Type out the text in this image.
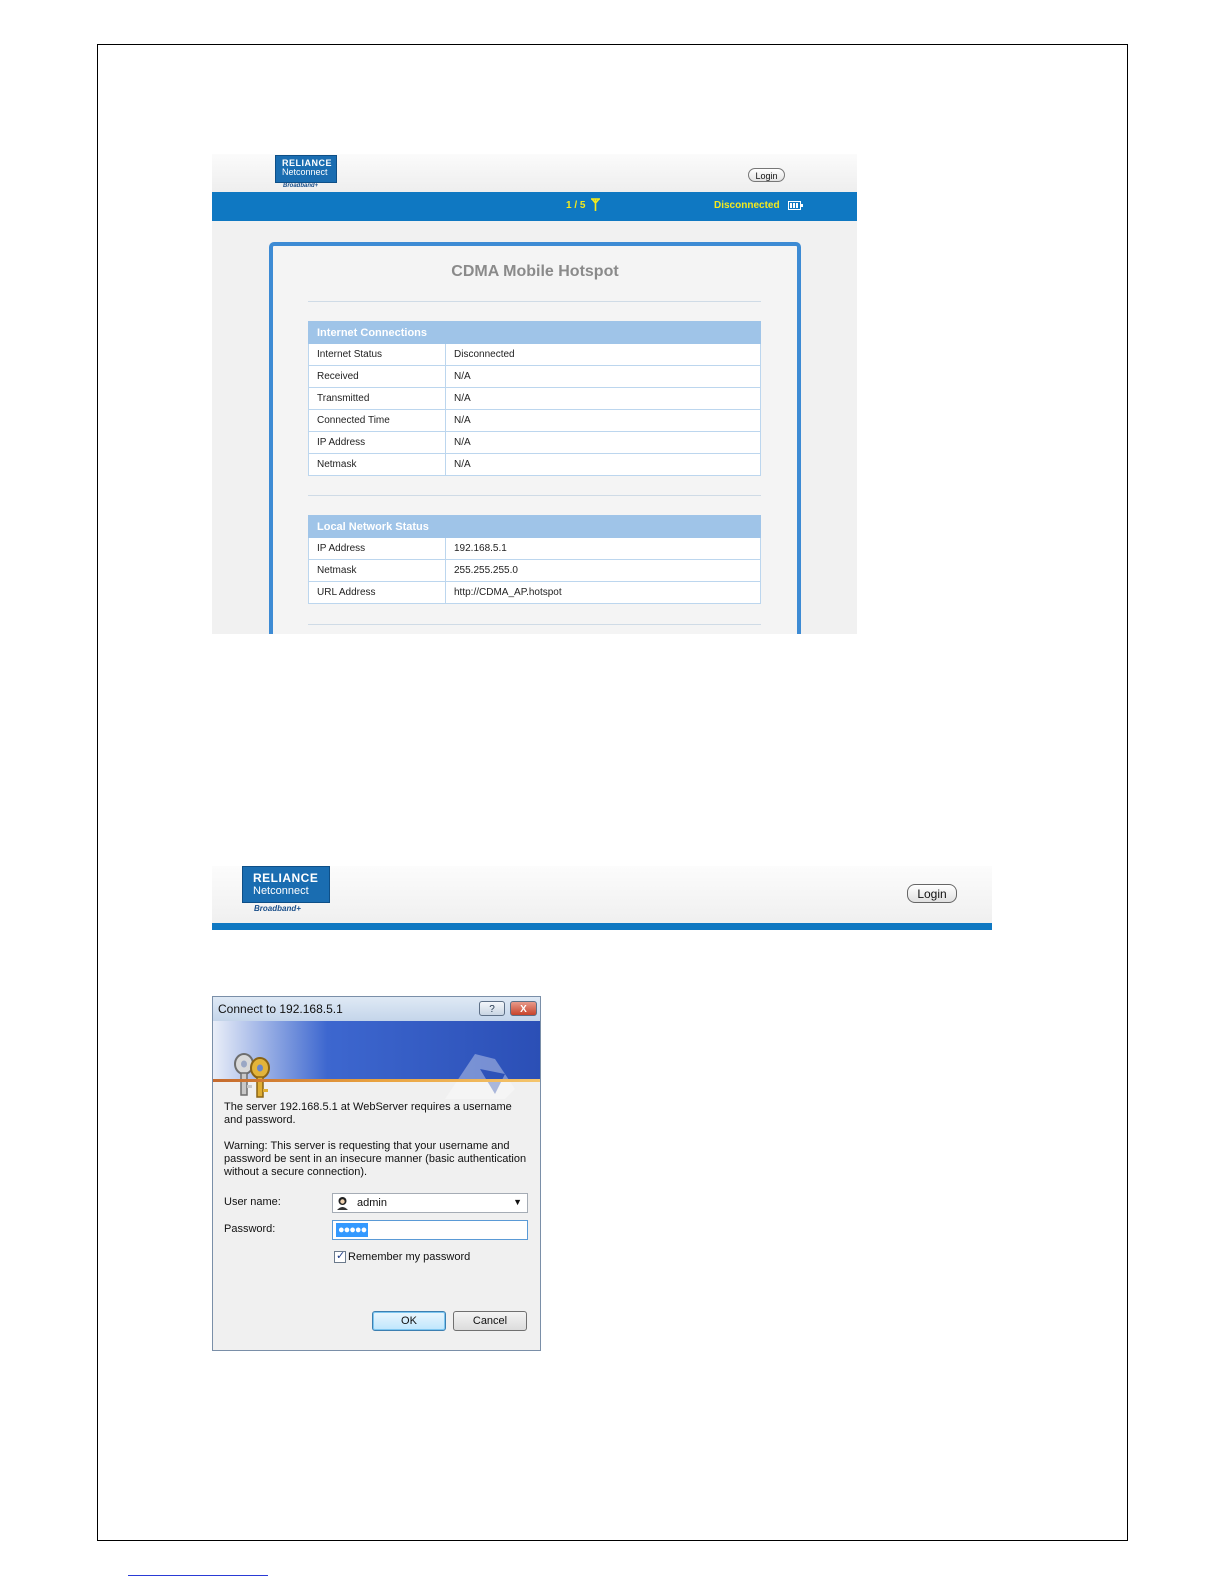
RELIANCE
Netconnect
Broadband+
Login
1 / 5	Disconnected
CDMA Mobile Hotspot
Internet Connections	
Internet Status	Disconnected
Received	N/A
Transmitted	N/A
Connected Time	N/A
IP Address	N/A
Netmask	N/A
Local Network Status	
IP Address	192.168.5.1
Netmask	255.255.255.0
URL Address	http://CDMA_AP.hotspot
RELIANCE
Netconnect
Broadband+
Login
Connect to 192.168.5.1	?	X
The server 192.168.5.1 at WebServer requires a username and password.
Warning: This server is requesting that your username and password be sent in an insecure manner (basic authentication without a secure connection).
User name:	admin	▼
Password:	●●●●●
✓ Remember my password
OK	Cancel
